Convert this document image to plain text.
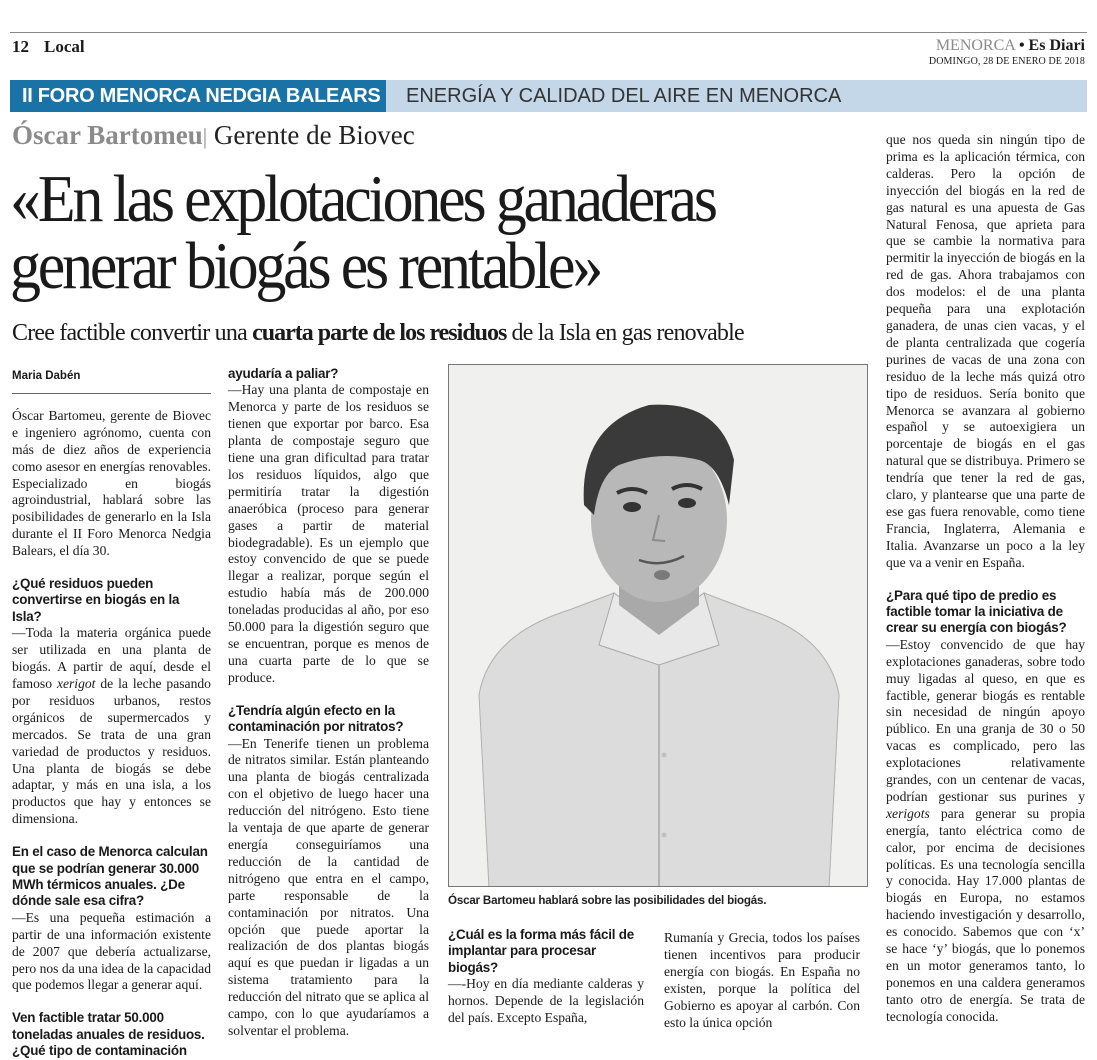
12 Local	MENORCA • Es Diari
DOMINGO, 28 DE ENERO DE 2018
II FORO MENORCA NEDGIA BALEARS ENERGÍA Y CALIDAD DEL AIRE EN MENORCA
Óscar Bartomeu| Gerente de Biovec
«En las explotaciones ganaderas
generar biogás es rentable»
Cree factible convertir una cuarta parte de los residuos de la Isla en gas renovable
Maria Dabén

Óscar Bartomeu, gerente de Biovec e ingeniero agrónomo, cuenta con más de diez años de experiencia como asesor en energías renovables. Especializado en biogás agroindustrial, hablará sobre las posibilidades de generarlo en la Isla durante el II Foro Menorca Nedgia Balears, el día 30.

¿Qué residuos pueden convertirse en biogás en la Isla?

—Toda la materia orgánica puede ser utilizada en una planta de biogás. A partir de aquí, desde el famoso xerigot de la leche pasando por residuos urbanos, restos orgánicos de supermercados y mercados. Se trata de una gran variedad de productos y residuos. Una planta de biogás se debe adaptar, y más en una isla, a los productos que hay y entonces se dimensiona.

En el caso de Menorca calculan que se podrían generar 30.000 MWh térmicos anuales. ¿De dónde sale esa cifra?

—Es una pequeña estimación a partir de una información existente de 2007 que debería actualizarse, pero nos da una idea de la capacidad que podemos llegar a generar aquí.

Ven factible tratar 50.000 toneladas anuales de residuos. ¿Qué tipo de contaminación

ayudaría a paliar?

—Hay una planta de compostaje en Menorca y parte de los residuos se tienen que exportar por barco. Esa planta de compostaje seguro que tiene una gran dificultad para tratar los residuos líquidos, algo que permitiría tratar la digestión anaeróbica (proceso para generar gases a partir de material biodegradable). Es un ejemplo que estoy convencido de que se puede llegar a realizar, porque según el estudio había más de 200.000 toneladas producidas al año, por eso 50.000 para la digestión seguro que se encuentran, porque es menos de una cuarta parte de lo que se produce.

¿Tendría algún efecto en la contaminación por nitratos?

—En Tenerife tienen un problema de nitratos similar. Están planteando una planta de biogás centralizada con el objetivo de luego hacer una reducción del nitrógeno. Esto tiene la ventaja de que aparte de generar energía conseguiríamos una reducción de la cantidad de nitrógeno que entra en el campo, parte responsable de la contaminación por nitratos. Una opción que puede aportar la realización de dos plantas biogás aquí es que puedan ir ligadas a un sistema tratamiento para la reducción del nitrato que se aplica al campo, con lo que ayudaríamos a solventar el problema.

Óscar Bartomeu hablará sobre las posibilidades del biogás.

¿Cuál es la forma más fácil de implantar para procesar biogás?

—-Hoy en día mediante calderas y hornos. Depende de la legislación del país. Excepto España,

Rumanía y Grecia, todos los países tienen incentivos para producir energía con biogás. En España no existen, porque la política del Gobierno es apoyar al carbón. Con esto la única opción

que nos queda sin ningún tipo de prima es la aplicación térmica, con calderas. Pero la opción de inyección del biogás en la red de gas natural es una apuesta de Gas Natural Fenosa, que aprieta para que se cambie la normativa para permitir la inyección de biogás en la red de gas. Ahora trabajamos con dos modelos: el de una planta pequeña para una explotación ganadera, de unas cien vacas, y el de planta centralizada que cogería purines de vacas de una zona con residuo de la leche más quizá otro tipo de residuos. Sería bonito que Menorca se avanzara al gobierno español y se autoexigiera un porcentaje de biogás en el gas natural que se distribuya. Primero se tendría que tener la red de gas, claro, y plantearse que una parte de ese gas fuera renovable, como tiene Francia, Inglaterra, Alemania e Italia. Avanzarse un poco a la ley que va a venir en España.

¿Para qué tipo de predio es factible tomar la iniciativa de crear su energía con biogás?

—Estoy convencido de que hay explotaciones ganaderas, sobre todo muy ligadas al queso, en que es factible, generar biogás es rentable sin necesidad de ningún apoyo público. En una granja de 30 o 50 vacas es complicado, pero las explotaciones relativamente grandes, con un centenar de vacas, podrían gestionar sus purines y xerigots para generar su propia energía, tanto eléctrica como de calor, por encima de decisiones políticas. Es una tecnología sencilla y conocida. Hay 17.000 plantas de biogás en Europa, no estamos haciendo investigación y desarrollo, es conocido. Sabemos que con ‘x’ se hace ‘y’ biogás, que lo ponemos en un motor generamos tanto, lo ponemos en una caldera generamos tanto otro de energía. Se trata de tecnología conocida.
